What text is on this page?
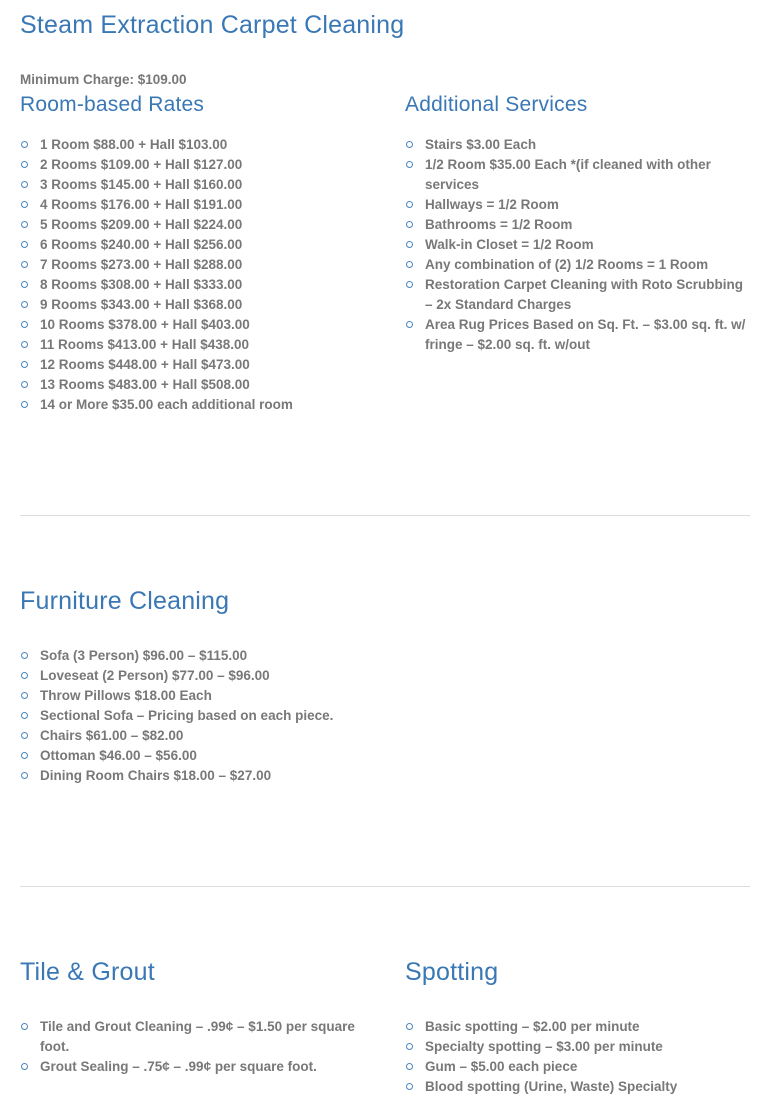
Steam Extraction Carpet Cleaning
Minimum Charge: $109.00
Room-based Rates
1 Room $88.00 + Hall $103.00
2 Rooms $109.00 + Hall $127.00
3 Rooms $145.00 + Hall $160.00
4 Rooms $176.00 + Hall $191.00
5 Rooms $209.00 + Hall $224.00
6 Rooms $240.00 + Hall $256.00
7 Rooms $273.00 + Hall $288.00
8 Rooms $308.00 + Hall $333.00
9 Rooms $343.00 + Hall $368.00
10 Rooms $378.00 + Hall $403.00
11 Rooms $413.00 + Hall $438.00
12 Rooms $448.00 + Hall $473.00
13 Rooms $483.00 + Hall $508.00
14 or More $35.00 each additional room
Additional Services
Stairs $3.00 Each
1/2 Room $35.00 Each *(if cleaned with other services
Hallways = 1/2 Room
Bathrooms = 1/2 Room
Walk-in Closet = 1/2 Room
Any combination of (2) 1/2 Rooms = 1 Room
Restoration Carpet Cleaning with Roto Scrubbing – 2x Standard Charges
Area Rug Prices Based on Sq. Ft. – $3.00 sq. ft. w/ fringe – $2.00 sq. ft. w/out
Furniture Cleaning
Sofa (3 Person) $96.00 – $115.00
Loveseat (2 Person) $77.00 – $96.00
Throw Pillows $18.00 Each
Sectional Sofa – Pricing based on each piece.
Chairs $61.00 – $82.00
Ottoman $46.00 – $56.00
Dining Room Chairs $18.00 – $27.00
Tile & Grout
Tile and Grout Cleaning – .99¢ – $1.50 per square foot.
Grout Sealing – .75¢ – .99¢ per square foot.
Spotting
Basic spotting – $2.00 per minute
Specialty spotting – $3.00 per minute
Gum – $5.00 each piece
Blood spotting (Urine, Waste) Specialty
